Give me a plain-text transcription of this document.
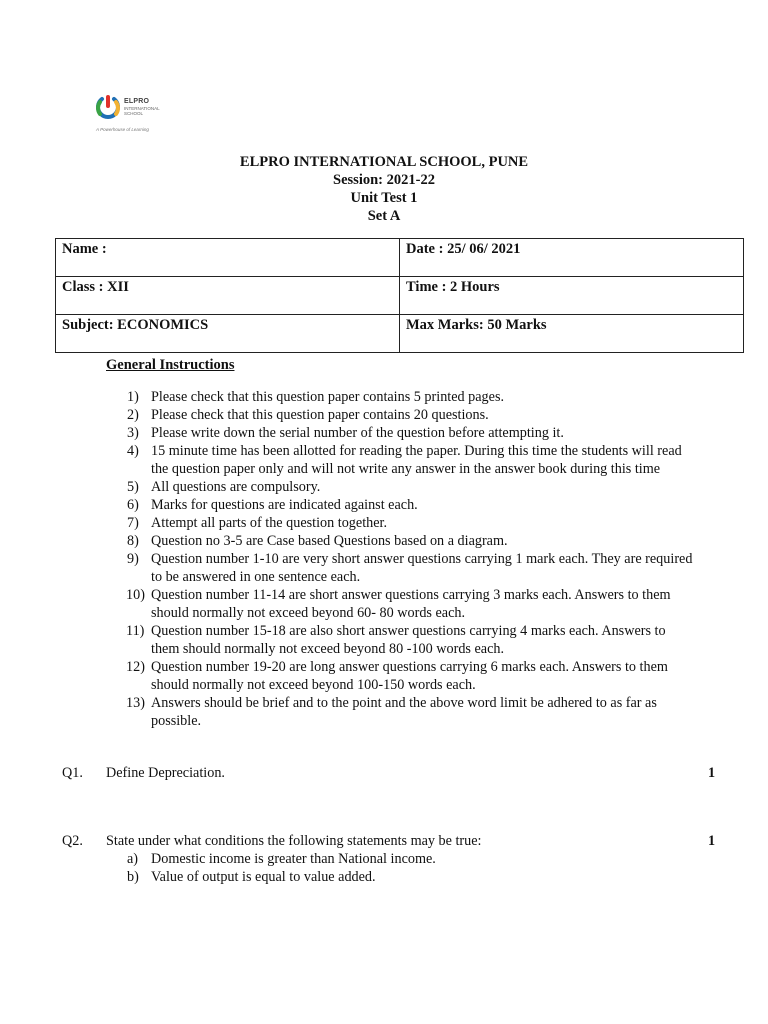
ELPRO
INTERNATIONAL SCHOOL
A Powerhouse of Learning
ELPRO INTERNATIONAL SCHOOL, PUNE
Session: 2021-22
Unit Test 1
Set A
Name :	Date : 25/ 06/ 2021
Class : XII	Time : 2 Hours
Subject: ECONOMICS	Max Marks: 50 Marks
General Instructions
1) Please check that this question paper contains 5 printed pages.
2) Please check that this question paper contains 20 questions.
3) Please write down the serial number of the question before attempting it.
4) 15 minute time has been allotted for reading the paper. During this time the students will read the question paper only and will not write any answer in the answer book during this time
5) All questions are compulsory.
6) Marks for questions are indicated against each.
7) Attempt all parts of the question together.
8) Question no 3-5 are Case based Questions based on a diagram.
9) Question number 1-10 are very short answer questions carrying 1 mark each. They are required to be answered in one sentence each.
10) Question number 11-14 are short answer questions carrying 3 marks each. Answers to them should normally not exceed beyond 60- 80 words each.
11) Question number 15-18 are also short answer questions carrying 4 marks each. Answers to them should normally not exceed beyond 80 -100 words each.
12) Question number 19-20 are long answer questions carrying 6 marks each. Answers to them should normally not exceed beyond 100-150 words each.
13) Answers should be brief and to the point and the above word limit be adhered to as far as possible.
Q1. Define Depreciation.	1
Q2. State under what conditions the following statements may be true:	1
a) Domestic income is greater than National income.
b) Value of output is equal to value added.
